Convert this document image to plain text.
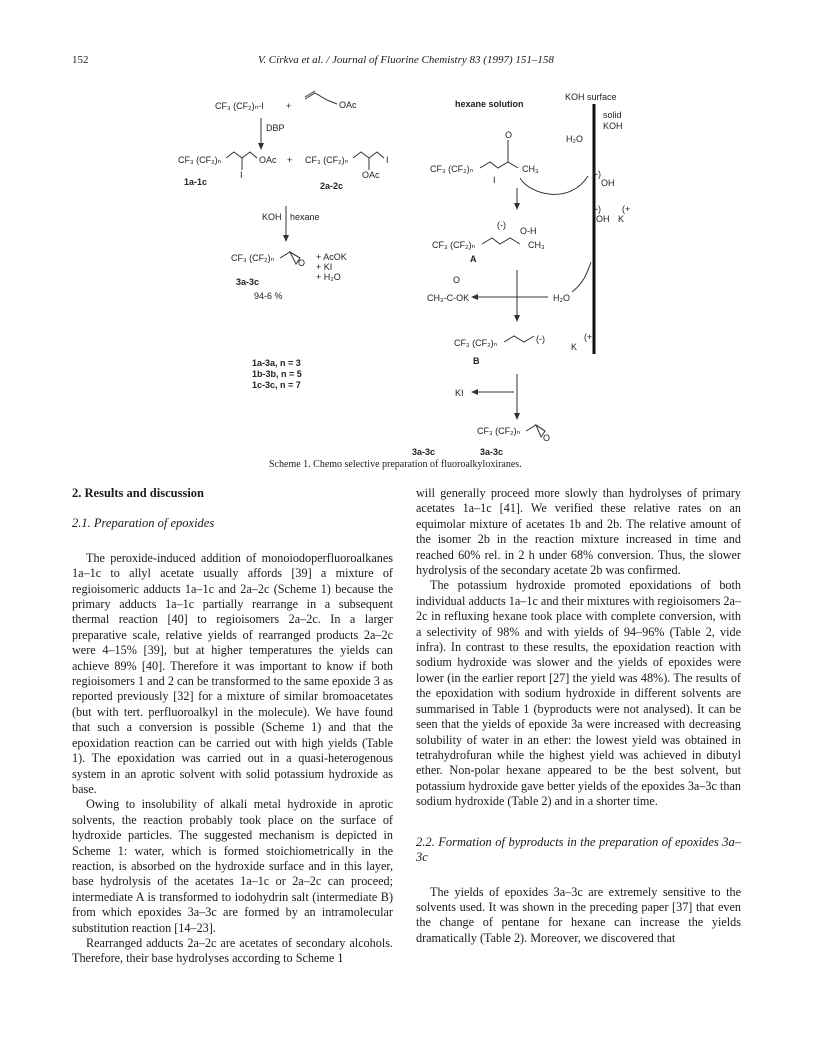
152	V. Církva et al. / Journal of Fluorine Chemistry 83 (1997) 151–158
CF₃ (CF₂)ₙ-I +	OAc
DBP
CF₃ (CF₂)ₙ	OAc
I
1a-1c
+ CF₃ (CF₂)ₙ	I
OAc
2a-2c
KOH hexane
CF₃ (CF₂)ₙ	O
+ AcOK
+ KI
+ H₂O
3a-3c
94-6 %
1a-3a, n = 3
1b-3b, n = 5
1c-3c, n = 7
KOH surface
hexane solution
solid
KOH
H₂O
CF₃ (CF₂)ₙ
O
CH₃
I
(-)
OH
(-)
O-H
CF₃ (CF₂)ₙ	CH₃
A
(-) (+
OH K
O
CH₃-C-OK	H₂O
CF₃ (CF₂)ₙ	(-)	(+
K
B
KI
CF₃ (CF₂)ₙ
O
3a-3c	3a-3c
Scheme 1. Chemo selective preparation of fluoroalkyloxiranes.
2. Results and discussion
2.1. Preparation of epoxides

The peroxide-induced addition of monoiodoperfluoroalkanes 1a–1c to allyl acetate usually affords [39] a mixture of regioisomeric adducts 1a–1c and 2a–2c (Scheme 1) because the primary adducts 1a–1c partially rearrange in a subsequent thermal reaction [40] to regioisomers 2a–2c. In a larger preparative scale, relative yields of rearranged products 2a–2c were 4–15% [39], but at higher temperatures the yields can achieve 89% [40]. Therefore it was important to know if both regioisomers 1 and 2 can be transformed to the same epoxide 3 as reported previously [32] for a mixture of similar bromoacetates (but with tert. perfluoroalkyl in the molecule). We have found that such a conversion is possible (Scheme 1) and that the epoxidation reaction can be carried out with high yields (Table 1). The epoxidation was carried out in a quasi-heterogenous system in an aprotic solvent with solid potassium hydroxide as base.

Owing to insolubility of alkali metal hydroxide in aprotic solvents, the reaction probably took place on the surface of hydroxide particles. The suggested mechanism is depicted in Scheme 1: water, which is formed stoichiometrically in the reaction, is absorbed on the hydroxide surface and in this layer, base hydrolysis of the acetates 1a–1c or 2a–2c can proceed; intermediate A is transformed to iodohydrin salt (intermediate B) from which epoxides 3a–3c are formed by an intramolecular substitution reaction [14–23].

Rearranged adducts 2a–2c are acetates of secondary alcohols. Therefore, their base hydrolyses according to Scheme 1

will generally proceed more slowly than hydrolyses of primary acetates 1a–1c [41]. We verified these relative rates on an equimolar mixture of acetates 1b and 2b. The relative amount of the isomer 2b in the reaction mixture increased in time and reached 60% rel. in 2 h under 68% conversion. Thus, the slower hydrolysis of the secondary acetate 2b was confirmed.

The potassium hydroxide promoted epoxidations of both individual adducts 1a–1c and their mixtures with regioisomers 2a–2c in refluxing hexane took place with complete conversion, with a selectivity of 98% and with yields of 94–96% (Table 2, vide infra). In contrast to these results, the epoxidation reaction with sodium hydroxide was slower and the yields of epoxides were lower (in the earlier report [27] the yield was 48%). The results of the epoxidation with sodium hydroxide in different solvents are summarised in Table 1 (byproducts were not analysed). It can be seen that the yields of epoxide 3a were increased with decreasing solubility of water in an ether: the lowest yield was obtained in tetrahydrofuran while the highest yield was achieved in dibutyl ether. Non-polar hexane appeared to be the best solvent, but potassium hydroxide gave better yields of the epoxides 3a–3c than sodium hydroxide (Table 2) and in a shorter time.

2.2. Formation of byproducts in the preparation of epoxides 3a–3c

The yields of epoxides 3a–3c are extremely sensitive to the solvents used. It was shown in the preceding paper [37] that even the change of pentane for hexane can increase the yields dramatically (Table 2). Moreover, we discovered that
